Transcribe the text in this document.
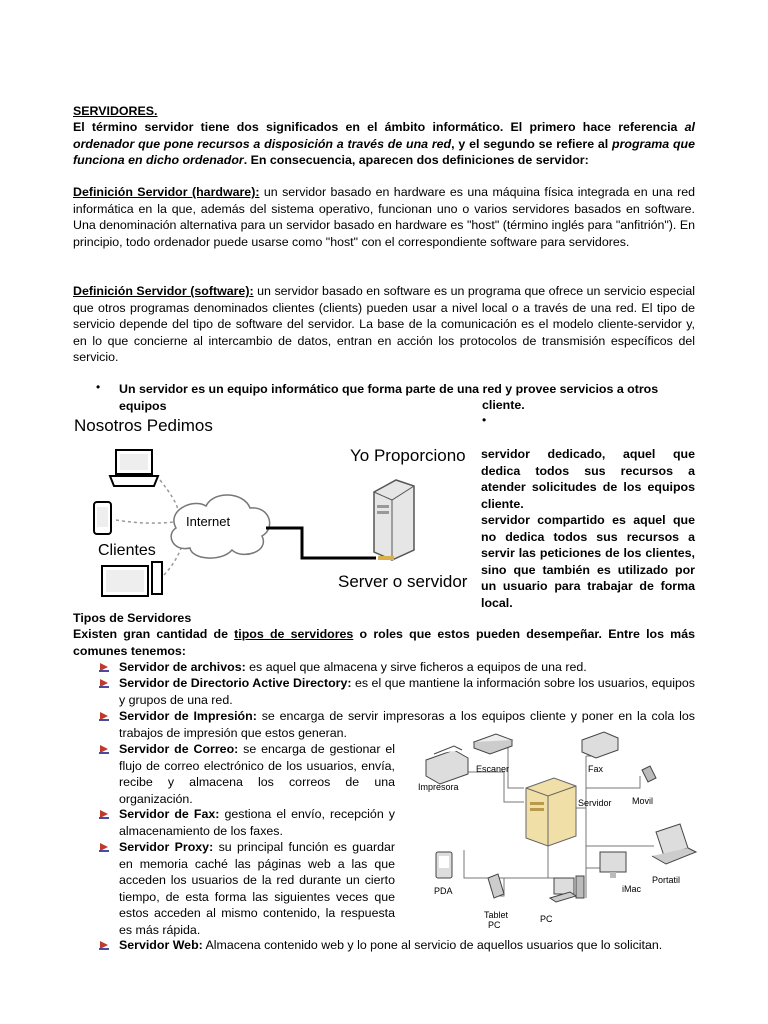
SERVIDORES.
El término servidor tiene dos significados en el ámbito informático. El primero hace referencia al ordenador que pone recursos a disposición a través de una red, y el segundo se refiere al programa que funciona en dicho ordenador. En consecuencia, aparecen dos definiciones de servidor:
Definición Servidor (hardware): un servidor basado en hardware es una máquina física integrada en una red informática en la que, además del sistema operativo, funcionan uno o varios servidores basados en software. Una denominación alternativa para un servidor basado en hardware es "host" (término inglés para "anfitrión"). En principio, todo ordenador puede usarse como "host" con el correspondiente software para servidores.
Definición Servidor (software): un servidor basado en software es un programa que ofrece un servicio especial que otros programas denominados clientes (clients) pueden usar a nivel local o a través de una red. El tipo de servicio depende del tipo de software del servidor. La base de la comunicación es el modelo cliente-servidor y, en lo que concierne al intercambio de datos, entran en acción los protocolos de transmisión específicos del servicio.
• Un servidor es un equipo informático que forma parte de una red y provee servicios a otros equipos	cliente.
•
Nosotros Pedimos
Yo Proporciono
Clientes
Internet
Server o servidor
servidor dedicado, aquel que dedica todos sus recursos a atender solicitudes de los equipos cliente.
servidor compartido es aquel que no dedica todos sus recursos a servir las peticiones de los clientes, sino que también es utilizado por un usuario para trabajar de forma local.
Tipos de Servidores
Existen gran cantidad de tipos de servidores o roles que estos pueden desempeñar. Entre los más comunes tenemos:
Servidor de archivos: es aquel que almacena y sirve ficheros a equipos de una red.
Servidor de Directorio Active Directory: es el que mantiene la información sobre los usuarios, equipos y grupos de una red.
Servidor de Impresión: se encarga de servir impresoras a los equipos cliente y poner en la cola los trabajos de impresión que estos generan.
Servidor de Correo: se encarga de gestionar el flujo de correo electrónico de los usuarios, envía, recibe y almacena los correos de una organización.
Servidor de Fax: gestiona el envío, recepción y almacenamiento de los faxes.
Servidor Proxy: su principal función es guardar en memoria caché las páginas web a las que acceden los usuarios de la red durante un cierto tiempo, de esta forma las siguientes veces que estos acceden al mismo contenido, la respuesta es más rápida.
Servidor Web: Almacena contenido web y lo pone al servicio de aquellos usuarios que lo solicitan.
Impresora
Escaner	Fax
Movil
Servidor
Portatil
iMac
PC
Tablet
PC
PDA
